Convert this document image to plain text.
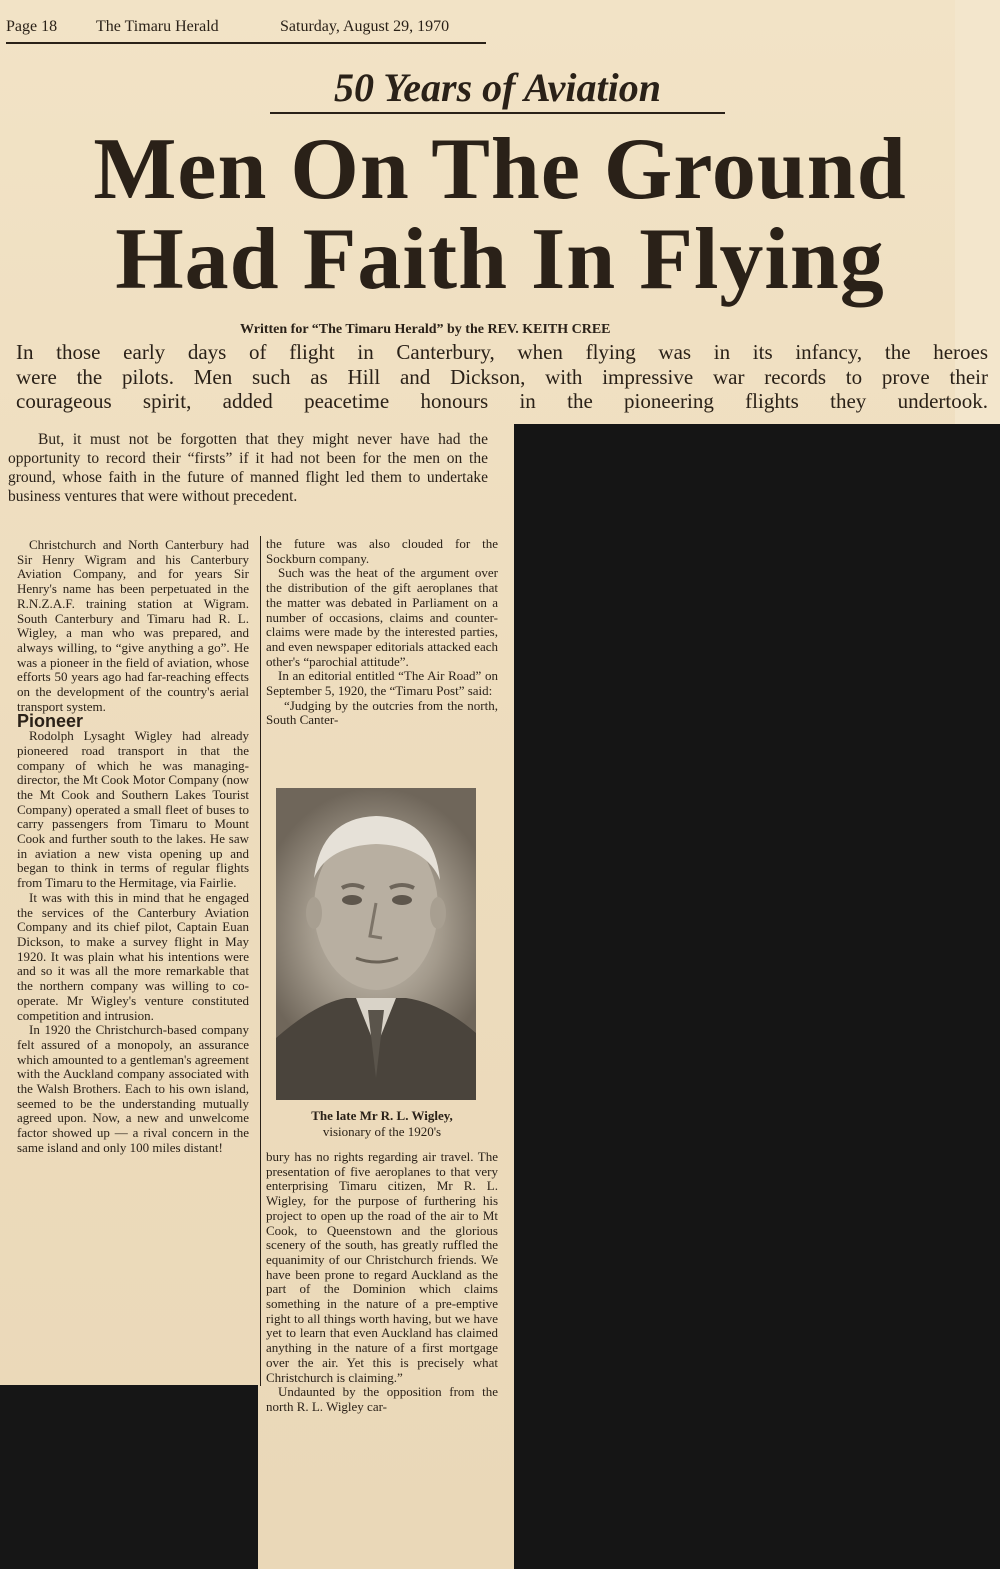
Page 18 The Timaru Herald	Saturday, August 29, 1970
50 Years of Aviation
Men On The Ground
Had Faith In Flying
Written for “The Timaru Herald” by the REV. KEITH CREE
In those early days of flight in Canterbury, when flying was in its infancy, the heroes
were the pilots. Men such as Hill and Dickson, with impressive war records to prove their
courageous spirit, added peacetime honours in the pioneering flights they undertook.

But, it must not be forgotten that they might never have had the opportunity to record their “firsts” if it had not been for the men on the ground, whose faith in the future of manned flight led them to undertake business ventures that were without precedent.

Christchurch and North Canterbury had Sir Henry Wigram and his Canterbury Aviation Company, and for years Sir Henry's name has been perpetuated in the R.N.Z.A.F. training station at Wigram. South Canterbury and Timaru had R. L. Wigley, a man who was prepared, and always willing, to “give anything a go”. He was a pioneer in the field of aviation, whose efforts 50 years ago had far-reaching effects on the development of the country's aerial transport system.

Pioneer

Rodolph Lysaght Wigley had already pioneered road transport in that the company of which he was managing-director, the Mt Cook Motor Company (now the Mt Cook and Southern Lakes Tourist Company) operated a small fleet of buses to carry passengers from Timaru to Mount Cook and further south to the lakes. He saw in aviation a new vista opening up and began to think in terms of regular flights from Timaru to the Hermitage, via Fairlie.

It was with this in mind that he engaged the services of the Canterbury Aviation Company and its chief pilot, Captain Euan Dickson, to make a survey flight in May 1920. It was plain what his intentions were and so it was all the more remarkable that the northern company was willing to co-operate. Mr Wigley's venture constituted competition and intrusion.

In 1920 the Christchurch-based company felt assured of a monopoly, an assurance which amounted to a gentleman's agreement with the Auckland company associated with the Walsh Brothers. Each to his own island, seemed to be the understanding mutually agreed upon. Now, a new and unwelcome factor showed up — a rival concern in the same island and only 100 miles distant!

the future was also clouded for the Sockburn company.

Such was the heat of the argument over the distribution of the gift aeroplanes that the matter was debated in Parliament on a number of occasions, claims and counter-claims were made by the interested parties, and even newspaper editorials attacked each other's “parochial attitude”.

In an editorial entitled “The Air Road” on September 5, 1920, the “Timaru Post” said:

“Judging by the outcries from the north, South Canter-

The late Mr R. L. Wigley,
visionary of the 1920's

bury has no rights regarding air travel. The presentation of five aeroplanes to that very enterprising Timaru citizen, Mr R. L. Wigley, for the purpose of furthering his project to open up the road of the air to Mt Cook, to Queenstown and the glorious scenery of the south, has greatly ruffled the equanimity of our Christchurch friends. We have been prone to regard Auckland as the part of the Dominion which claims something in the nature of a pre-emptive right to all things worth having, but we have yet to learn that even Auckland has claimed anything in the nature of a first mortgage over the air. Yet this is precisely what Christchurch is claiming.”

Undaunted by the opposition from the north R. L. Wigley car-
